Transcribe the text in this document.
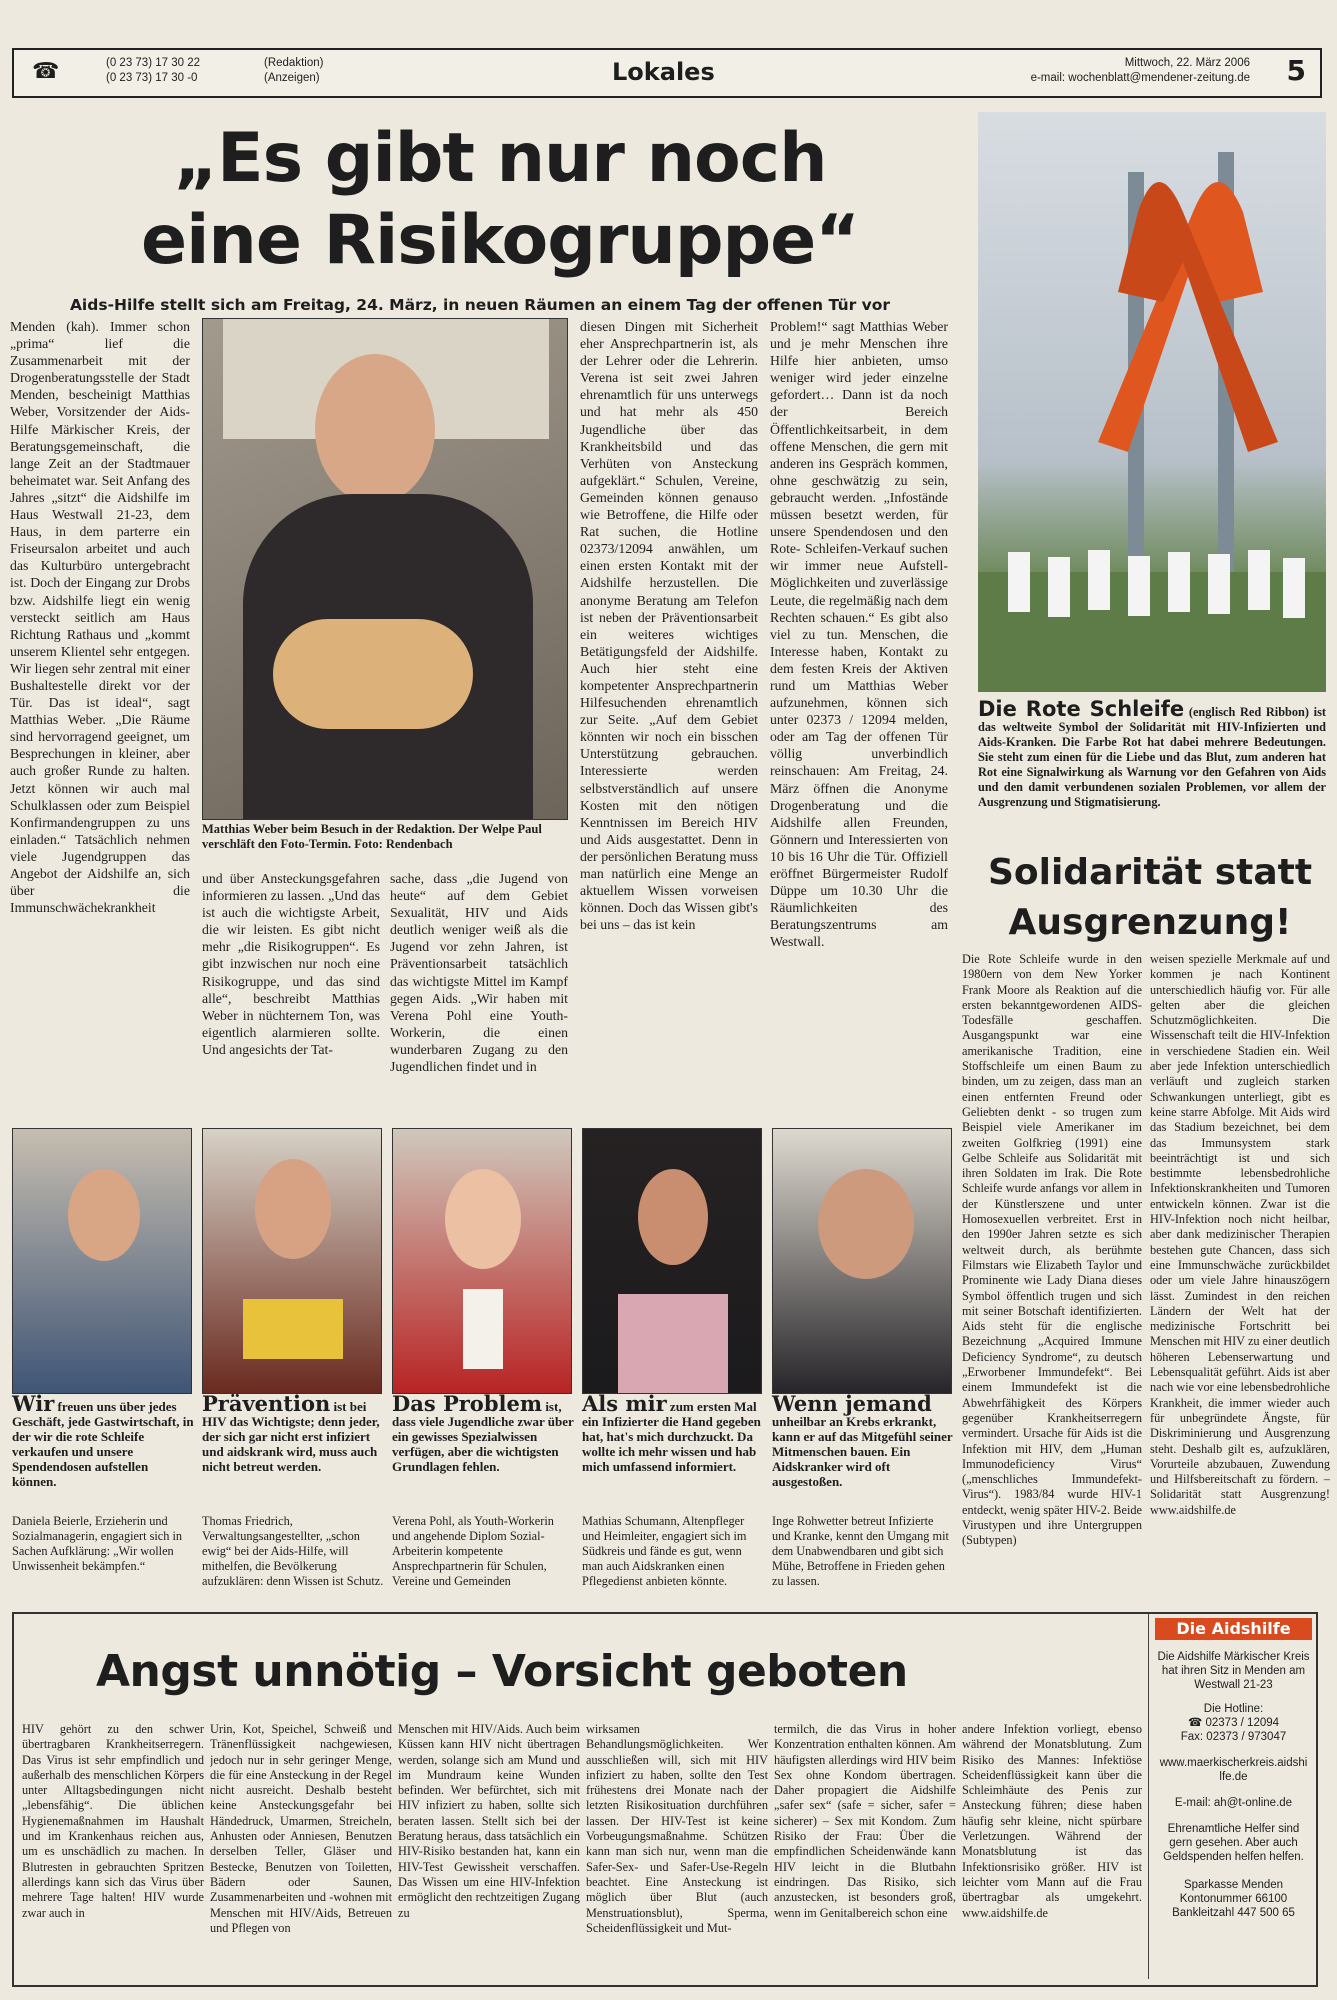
☎	(0 23 73) 17 30 22
(0 23 73) 17 30 -0
(Redaktion)
(Anzeigen)	Lokales	Mittwoch, 22. März 2006
e-mail: wochenblatt@mendener-zeitung.de 5
„Es gibt nur noch
eine Risikogruppe“
Aids-Hilfe stellt sich am Freitag, 24. März, in neuen Räumen an einem Tag der offenen Tür vor
Menden (kah). Immer schon „prima“ lief die Zusammenarbeit mit der Drogenberatungsstelle der Stadt Menden, bescheinigt Matthias Weber, Vorsitzender der Aids-Hilfe Märkischer Kreis, der Beratungsgemeinschaft, die lange Zeit an der Stadtmauer beheimatet war. Seit Anfang des Jahres „sitzt“ die Aidshilfe im Haus Westwall 21-23, dem Haus, in dem parterre ein Friseursalon arbeitet und auch das Kulturbüro untergebracht ist. Doch der Eingang zur Drobs bzw. Aidshilfe liegt ein wenig versteckt seitlich am Haus Richtung Rathaus und „kommt unserem Klientel sehr entgegen. Wir liegen sehr zentral mit einer Bushaltestelle direkt vor der Tür. Das ist ideal“, sagt Matthias Weber. „Die Räume sind hervorragend geeignet, um Besprechungen in kleiner, aber auch großer Runde zu halten. Jetzt können wir auch mal Schulklassen oder zum Beispiel Konfirmandengruppen zu uns einladen.“ Tatsächlich nehmen viele Jugendgruppen das Angebot der Aidshilfe an, sich über die Immunschwächekrankheit
Matthias Weber beim Besuch in der Redaktion. Der Welpe Paul verschläft den Foto-Termin. Foto: Rendenbach
und über Ansteckungsgefahren informieren zu lassen. „Und das ist auch die wichtigste Arbeit, die wir leisten. Es gibt nicht mehr „die Risikogruppen“. Es gibt inzwischen nur noch eine Risikogruppe, und das sind alle“, beschreibt Matthias Weber in nüchternem Ton, was eigentlich alarmieren sollte. Und angesichts der Tat-
sache, dass „die Jugend von heute“ auf dem Gebiet Sexualität, HIV und Aids deutlich weniger weiß als die Jugend vor zehn Jahren, ist Präventionsarbeit tatsächlich das wichtigste Mittel im Kampf gegen Aids. „Wir haben mit Verena Pohl eine Youth-Workerin, die einen wunderbaren Zugang zu den Jugendlichen findet und in
diesen Dingen mit Sicherheit eher Ansprechpartnerin ist, als der Lehrer oder die Lehrerin. Verena ist seit zwei Jahren ehrenamtlich für uns unterwegs und hat mehr als 450 Jugendliche über das Krankheitsbild und das Verhüten von Ansteckung aufgeklärt.“ Schulen, Vereine, Gemeinden können genauso wie Betroffene, die Hilfe oder Rat suchen, die Hotline 02373/12094 anwählen, um einen ersten Kontakt mit der Aidshilfe herzustellen. Die anonyme Beratung am Telefon ist neben der Präventionsarbeit ein weiteres wichtiges Betätigungsfeld der Aidshilfe. Auch hier steht eine kompetenter Ansprechpartnerin Hilfesuchenden ehrenamtlich zur Seite. „Auf dem Gebiet könnten wir noch ein bisschen Unterstützung gebrauchen. Interessierte werden selbstverständlich auf unsere Kosten mit den nötigen Kenntnissen im Bereich HIV und Aids ausgestattet. Denn in der persönlichen Beratung muss man natürlich eine Menge an aktuellem Wissen vorweisen können. Doch das Wissen gibt's bei uns – das ist kein
Problem!“ sagt Matthias Weber und je mehr Menschen ihre Hilfe hier anbieten, umso weniger wird jeder einzelne gefordert… Dann ist da noch der Bereich Öffentlichkeitsarbeit, in dem offene Menschen, die gern mit anderen ins Gespräch kommen, ohne geschwätzig zu sein, gebraucht werden. „Infostände müssen besetzt werden, für unsere Spendendosen und den Rote- Schleifen-Verkauf suchen wir immer neue Aufstell-Möglichkeiten und zuverlässige Leute, die regelmäßig nach dem Rechten schauen.“ Es gibt also viel zu tun. Menschen, die Interesse haben, Kontakt zu dem festen Kreis der Aktiven rund um Matthias Weber aufzunehmen, können sich unter 02373 / 12094 melden, oder am Tag der offenen Tür völlig unverbindlich reinschauen: Am Freitag, 24. März öffnen die Anonyme Drogenberatung und die Aidshilfe allen Freunden, Gönnern und Interessierten von 10 bis 16 Uhr die Tür. Offiziell eröffnet Bürgermeister Rudolf Düppe um 10.30 Uhr die Räumlichkeiten des Beratungszentrums am Westwall.
Die Rote Schleife (englisch Red Ribbon) ist das weltweite Symbol der Solidarität mit HIV-Infizierten und Aids-Kranken. Die Farbe Rot hat dabei mehrere Bedeutungen. Sie steht zum einen für die Liebe und das Blut, zum anderen hat Rot eine Signalwirkung als Warnung vor den Gefahren von Aids und den damit verbundenen sozialen Problemen, vor allem der Ausgrenzung und Stigmatisierung.
Solidarität statt
Ausgrenzung!
Die Rote Schleife wurde in den 1980ern von dem New Yorker Frank Moore als Reaktion auf die ersten bekanntgewordenen AIDS-Todesfälle geschaffen. Ausgangspunkt war eine amerikanische Tradition, eine Stoffschleife um einen Baum zu binden, um zu zeigen, dass man an einen entfernten Freund oder Geliebten denkt - so trugen zum Beispiel viele Amerikaner im zweiten Golfkrieg (1991) eine Gelbe Schleife aus Solidarität mit ihren Soldaten im Irak. Die Rote Schleife wurde anfangs vor allem in der Künstlerszene und unter Homosexuellen verbreitet. Erst in den 1990er Jahren setzte es sich weltweit durch, als berühmte Filmstars wie Elizabeth Taylor und Prominente wie Lady Diana dieses Symbol öffentlich trugen und sich mit seiner Botschaft identifizierten. Aids steht für die englische Bezeichnung „Acquired Immune Deficiency Syndrome“, zu deutsch „Erworbener Immundefekt“. Bei einem Immundefekt ist die Abwehrfähigkeit des Körpers gegenüber Krankheitserregern vermindert. Ursache für Aids ist die Infektion mit HIV, dem „Human Immunodeficiency Virus“ („menschliches Immundefekt-Virus“). 1983/84 wurde HIV-1 entdeckt, wenig später HIV-2. Beide Virustypen und ihre Untergruppen (Subtypen)
weisen spezielle Merkmale auf und kommen je nach Kontinent unterschiedlich häufig vor. Für alle gelten aber die gleichen Schutzmöglichkeiten. Die Wissenschaft teilt die HIV-Infektion in verschiedene Stadien ein. Weil aber jede Infektion unterschiedlich verläuft und zugleich starken Schwankungen unterliegt, gibt es keine starre Abfolge. Mit Aids wird das Stadium bezeichnet, bei dem das Immunsystem stark beeinträchtigt ist und sich bestimmte lebensbedrohliche Infektionskrankheiten und Tumoren entwickeln können. Zwar ist die HIV-Infektion noch nicht heilbar, aber dank medizinischer Therapien bestehen gute Chancen, dass sich eine Immunschwäche zurückbildet oder um viele Jahre hinauszögern lässt. Zumindest in den reichen Ländern der Welt hat der medizinische Fortschritt bei Menschen mit HIV zu einer deutlich höheren Lebenserwartung und Lebensqualität geführt. Aids ist aber nach wie vor eine lebensbedrohliche Krankheit, die immer wieder auch für unbegründete Ängste, für Diskriminierung und Ausgrenzung steht. Deshalb gilt es, aufzuklären, Vorurteile abzubauen, Zuwendung und Hilfsbereitschaft zu fördern. – Solidarität statt Ausgrenzung! www.aidshilfe.de
Wir freuen uns über jedes Geschäft, jede Gastwirtschaft, in der wir die rote Schleife verkaufen und unsere Spendendosen aufstellen können.
Prävention ist bei HIV das Wichtigste; denn jeder, der sich gar nicht erst infiziert und aidskrank wird, muss auch nicht betreut werden.
Das Problem ist, dass viele Jugendliche zwar über ein gewisses Spezialwissen verfügen, aber die wichtigsten Grundlagen fehlen.
Als mir zum ersten Mal ein Infizierter die Hand gegeben hat, hat's mich durchzuckt. Da wollte ich mehr wissen und hab mich umfassend informiert.
Wenn jemand unheilbar an Krebs erkrankt, kann er auf das Mitgefühl seiner Mitmenschen bauen. Ein Aidskranker wird oft ausgestoßen.
Daniela Beierle, Erzieherin und Sozialmanagerin, engagiert sich in Sachen Aufklärung: „Wir wollen Unwissenheit bekämpfen.“
Thomas Friedrich, Verwaltungsangestellter, „schon ewig“ bei der Aids-Hilfe, will mithelfen, die Bevölkerung aufzuklären: denn Wissen ist Schutz.
Verena Pohl, als Youth-Workerin und angehende Diplom Sozial-Arbeiterin kompetente Ansprechpartnerin für Schulen, Vereine und Gemeinden
Mathias Schumann, Altenpfleger und Heimleiter, engagiert sich im Südkreis und fände es gut, wenn man auch Aidskranken einen Pflegedienst anbieten könnte.
Inge Rohwetter betreut Infizierte und Kranke, kennt den Umgang mit dem Unabwendbaren und gibt sich Mühe, Betroffene in Frieden gehen zu lassen.
Angst unnötig – Vorsicht geboten
HIV gehört zu den schwer übertragbaren Krankheitserregern. Das Virus ist sehr empfindlich und außerhalb des menschlichen Körpers unter Alltagsbedingungen nicht „lebensfähig“. Die üblichen Hygienemaßnahmen im Haushalt und im Krankenhaus reichen aus, um es unschädlich zu machen. In Blutresten in gebrauchten Spritzen allerdings kann sich das Virus über mehrere Tage halten! HIV wurde zwar auch in
Urin, Kot, Speichel, Schweiß und Tränenflüssigkeit nachgewiesen, jedoch nur in sehr geringer Menge, die für eine Ansteckung in der Regel nicht ausreicht. Deshalb besteht keine Ansteckungsgefahr bei Händedruck, Umarmen, Streicheln, Anhusten oder Anniesen, Benutzen derselben Teller, Gläser und Bestecke, Benutzen von Toiletten, Bädern oder Saunen, Zusammenarbeiten und -wohnen mit Menschen mit HIV/Aids, Betreuen und Pflegen von
Menschen mit HIV/Aids. Auch beim Küssen kann HIV nicht übertragen werden, solange sich am Mund und im Mundraum keine Wunden befinden. Wer befürchtet, sich mit HIV infiziert zu haben, sollte sich beraten lassen. Stellt sich bei der Beratung heraus, dass tatsächlich ein HIV-Risiko bestanden hat, kann ein HIV-Test Gewissheit verschaffen. Das Wissen um eine HIV-Infektion ermöglicht den rechtzeitigen Zugang zu
wirksamen Behandlungsmöglichkeiten. Wer ausschließen will, sich mit HIV infiziert zu haben, sollte den Test frühestens drei Monate nach der letzten Risikosituation durchführen lassen. Der HIV-Test ist keine Vorbeugungsmaßnahme. Schützen kann man sich nur, wenn man die Safer-Sex- und Safer-Use-Regeln beachtet. Eine Ansteckung ist möglich über Blut (auch Menstruationsblut), Sperma, Scheidenflüssigkeit und Mut-
termilch, die das Virus in hoher Konzentration enthalten können. Am häufigsten allerdings wird HIV beim Sex ohne Kondom übertragen. Daher propagiert die Aidshilfe „safer sex“ (safe = sicher, safer = sicherer) – Sex mit Kondom. Zum Risiko der Frau: Über die empfindlichen Scheidenwände kann HIV leicht in die Blutbahn eindringen. Das Risiko, sich anzustecken, ist besonders groß, wenn im Genitalbereich schon eine
andere Infektion vorliegt, ebenso während der Monatsblutung. Zum Risiko des Mannes: Infektiöse Scheidenflüssigkeit kann über die Schleimhäute des Penis zur Ansteckung führen; diese haben häufig sehr kleine, nicht spürbare Verletzungen. Während der Monatsblutung ist das Infektionsrisiko größer. HIV ist leichter vom Mann auf die Frau übertragbar als umgekehrt. www.aidshilfe.de
Die Aidshilfe
Die Aidshilfe Märkischer Kreis hat ihren Sitz in Menden am Westwall 21-23
Die Hotline:
☎ 02373 / 12094
Fax: 02373 / 973047
www.maerkischerkreis.aidshilfe.de
E-mail: ah@t-online.de
Ehrenamtliche Helfer sind gern gesehen. Aber auch Geldspenden helfen helfen.
Sparkasse Menden
Kontonummer 66100
Bankleitzahl 447 500 65
